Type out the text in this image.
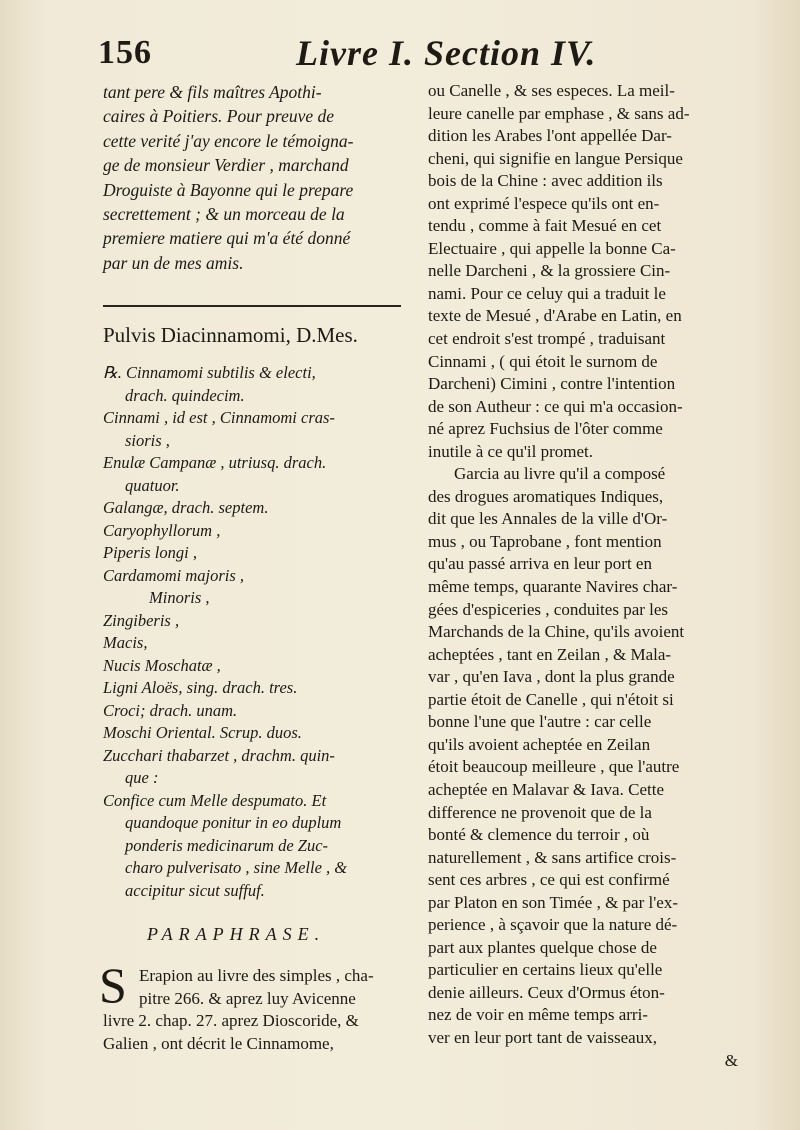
156	Livre I. Section IV.

tant pere & fils maîtres Apothi-

caires à Poitiers. Pour preuve de

cette verité j'ay encore le témoigna-

ge de monsieur Verdier , marchand

Droguiste à Bayonne qui le prepare

secrettement ; & un morceau de la

premiere matiere qui m'a été donné

par un de mes amis.

Pulvis Diacinnamomi, D.Mes.

℞. Cinnamomi subtilis & electi,

drach. quindecim.

Cinnami , id est , Cinnamomi cras-

sioris ,

Enulæ Campanæ , utriusq. drach.

quatuor.

Galangæ, drach. septem.

Caryophyllorum ,

Piperis longi ,

Cardamomi majoris ,

Minoris ,

Zingiberis ,

Macis,

Nucis Moschatæ ,

Ligni Aloës, sing. drach. tres.

Croci; drach. unam.

Moschi Oriental. Scrup. duos.

Zucchari thabarzet , drachm. quin-

que :

Confice cum Melle despumato. Et

quandoque ponitur in eo duplum

ponderis medicinarum de Zuc-

charo pulverisato , sine Melle , &

accipitur sicut suffuf.

PARAPHRASE.
S Erapion au livre des simples , cha-

pitre 266. & aprez luy Avicenne

livre 2. chap. 27. aprez Dioscoride, &

Galien , ont décrit le Cinnamome,

ou Canelle , & ses especes. La meil-

leure canelle par emphase , & sans ad-

dition les Arabes l'ont appellée Dar-

cheni, qui signifie en langue Persique

bois de la Chine : avec addition ils

ont exprimé l'espece qu'ils ont en-

tendu , comme à fait Mesué en cet

Electuaire , qui appelle la bonne Ca-

nelle Darcheni , & la grossiere Cin-

nami. Pour ce celuy qui a traduit le

texte de Mesué , d'Arabe en Latin, en

cet endroit s'est trompé , traduisant

Cinnami , ( qui étoit le surnom de

Darcheni) Cimini , contre l'intention

de son Autheur : ce qui m'a occasion-

né aprez Fuchsius de l'ôter comme

inutile à ce qu'il promet.

Garcia au livre qu'il a composé

des drogues aromatiques Indiques,

dit que les Annales de la ville d'Or-

mus , ou Taprobane , font mention

qu'au passé arriva en leur port en

même temps, quarante Navires char-

gées d'espiceries , conduites par les

Marchands de la Chine, qu'ils avoient

acheptées , tant en Zeilan , & Mala-

var , qu'en Iava , dont la plus grande

partie étoit de Canelle , qui n'étoit si

bonne l'une que l'autre : car celle

qu'ils avoient acheptée en Zeilan

étoit beaucoup meilleure , que l'autre

acheptée en Malavar & Iava. Cette

difference ne provenoit que de la

bonté & clemence du terroir , où

naturellement , & sans artifice crois-

sent ces arbres , ce qui est confirmé

par Platon en son Timée , & par l'ex-

perience , à sçavoir que la nature dé-

part aux plantes quelque chose de

particulier en certains lieux qu'elle

denie ailleurs. Ceux d'Ormus éton-

nez de voir en même temps arri-

ver en leur port tant de vaisseaux,

&
